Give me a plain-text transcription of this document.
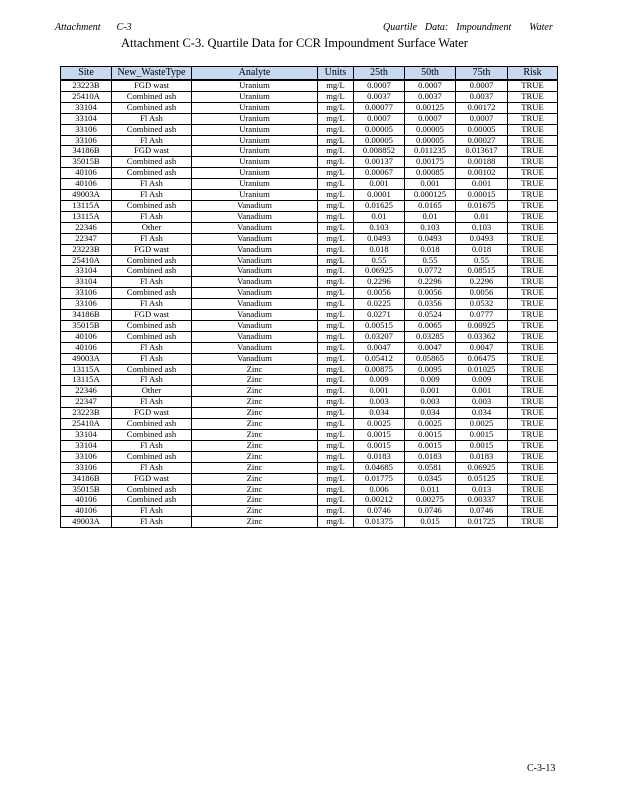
Attachment C-3	Quartile Data: Impoundment Water
Attachment C-3. Quartile Data for CCR Impoundment Surface Water
Site	New_WasteType	Analyte	Units	25th	50th	75th	Risk
23223B	FGD wast	Uranium	mg/L	0.0007	0.0007	0.0007	TRUE
25410A	Combined ash	Uranium	mg/L	0.0037	0.0037	0.0037	TRUE
33104	Combined ash	Uranium	mg/L	0.00077	0.00125	0.00172	TRUE
33104	Fl Ash	Uranium	mg/L	0.0007	0.0007	0.0007	TRUE
33106	Combined ash	Uranium	mg/L	0.00005	0.00005	0.00005	TRUE
33106	Fl Ash	Uranium	mg/L	0.00005	0.00005	0.00027	TRUE
34186B	FGD wast	Uranium	mg/L	0.008852	0.011235	0.013617	TRUE
35015B	Combined ash	Uranium	mg/L	0.00137	0.00175	0.00188	TRUE
40106	Combined ash	Uranium	mg/L	0.00067	0.00085	0.00102	TRUE
40106	Fl Ash	Uranium	mg/L	0.001	0.001	0.001	TRUE
49003A	Fl Ash	Uranium	mg/L	0.0001	0.000125	0.00015	TRUE
13115A	Combined ash	Vanadium	mg/L	0.01625	0.0165	0.01675	TRUE
13115A	Fl Ash	Vanadium	mg/L	0.01	0.01	0.01	TRUE
22346	Other	Vanadium	mg/L	0.103	0.103	0.103	TRUE
22347	Fl Ash	Vanadium	mg/L	0.0493	0.0493	0.0493	TRUE
23223B	FGD wast	Vanadium	mg/L	0.018	0.018	0.018	TRUE
25410A	Combined ash	Vanadium	mg/L	0.55	0.55	0.55	TRUE
33104	Combined ash	Vanadium	mg/L	0.06925	0.0772	0.08515	TRUE
33104	Fl Ash	Vanadium	mg/L	0.2296	0.2296	0.2296	TRUE
33106	Combined ash	Vanadium	mg/L	0.0056	0.0056	0.0056	TRUE
33106	Fl Ash	Vanadium	mg/L	0.0225	0.0356	0.0532	TRUE
34186B	FGD wast	Vanadium	mg/L	0.0271	0.0524	0.0777	TRUE
35015B	Combined ash	Vanadium	mg/L	0.00515	0.0065	0.00925	TRUE
40106	Combined ash	Vanadium	mg/L	0.03207	0.03285	0.03362	TRUE
40106	Fl Ash	Vanadium	mg/L	0.0047	0.0047	0.0047	TRUE
49003A	Fl Ash	Vanadium	mg/L	0.05412	0.05865	0.06475	TRUE
13115A	Combined ash	Zinc	mg/L	0.00875	0.0095	0.01025	TRUE
13115A	Fl Ash	Zinc	mg/L	0.009	0.009	0.009	TRUE
22346	Other	Zinc	mg/L	0.001	0.001	0.001	TRUE
22347	Fl Ash	Zinc	mg/L	0.003	0.003	0.003	TRUE
23223B	FGD wast	Zinc	mg/L	0.034	0.034	0.034	TRUE
25410A	Combined ash	Zinc	mg/L	0.0025	0.0025	0.0025	TRUE
33104	Combined ash	Zinc	mg/L	0.0015	0.0015	0.0015	TRUE
33104	Fl Ash	Zinc	mg/L	0.0015	0.0015	0.0015	TRUE
33106	Combined ash	Zinc	mg/L	0.0183	0.0183	0.0183	TRUE
33106	Fl Ash	Zinc	mg/L	0.04685	0.0581	0.06925	TRUE
34186B	FGD wast	Zinc	mg/L	0.01775	0.0345	0.05125	TRUE
35015B	Combined ash	Zinc	mg/L	0.006	0.011	0.013	TRUE
40106	Combined ash	Zinc	mg/L	0.00212	0.00275	0.00337	TRUE
40106	Fl Ash	Zinc	mg/L	0.0746	0.0746	0.0746	TRUE
49003A	Fl Ash	Zinc	mg/L	0.01375	0.015	0.01725	TRUE
C-3-13
